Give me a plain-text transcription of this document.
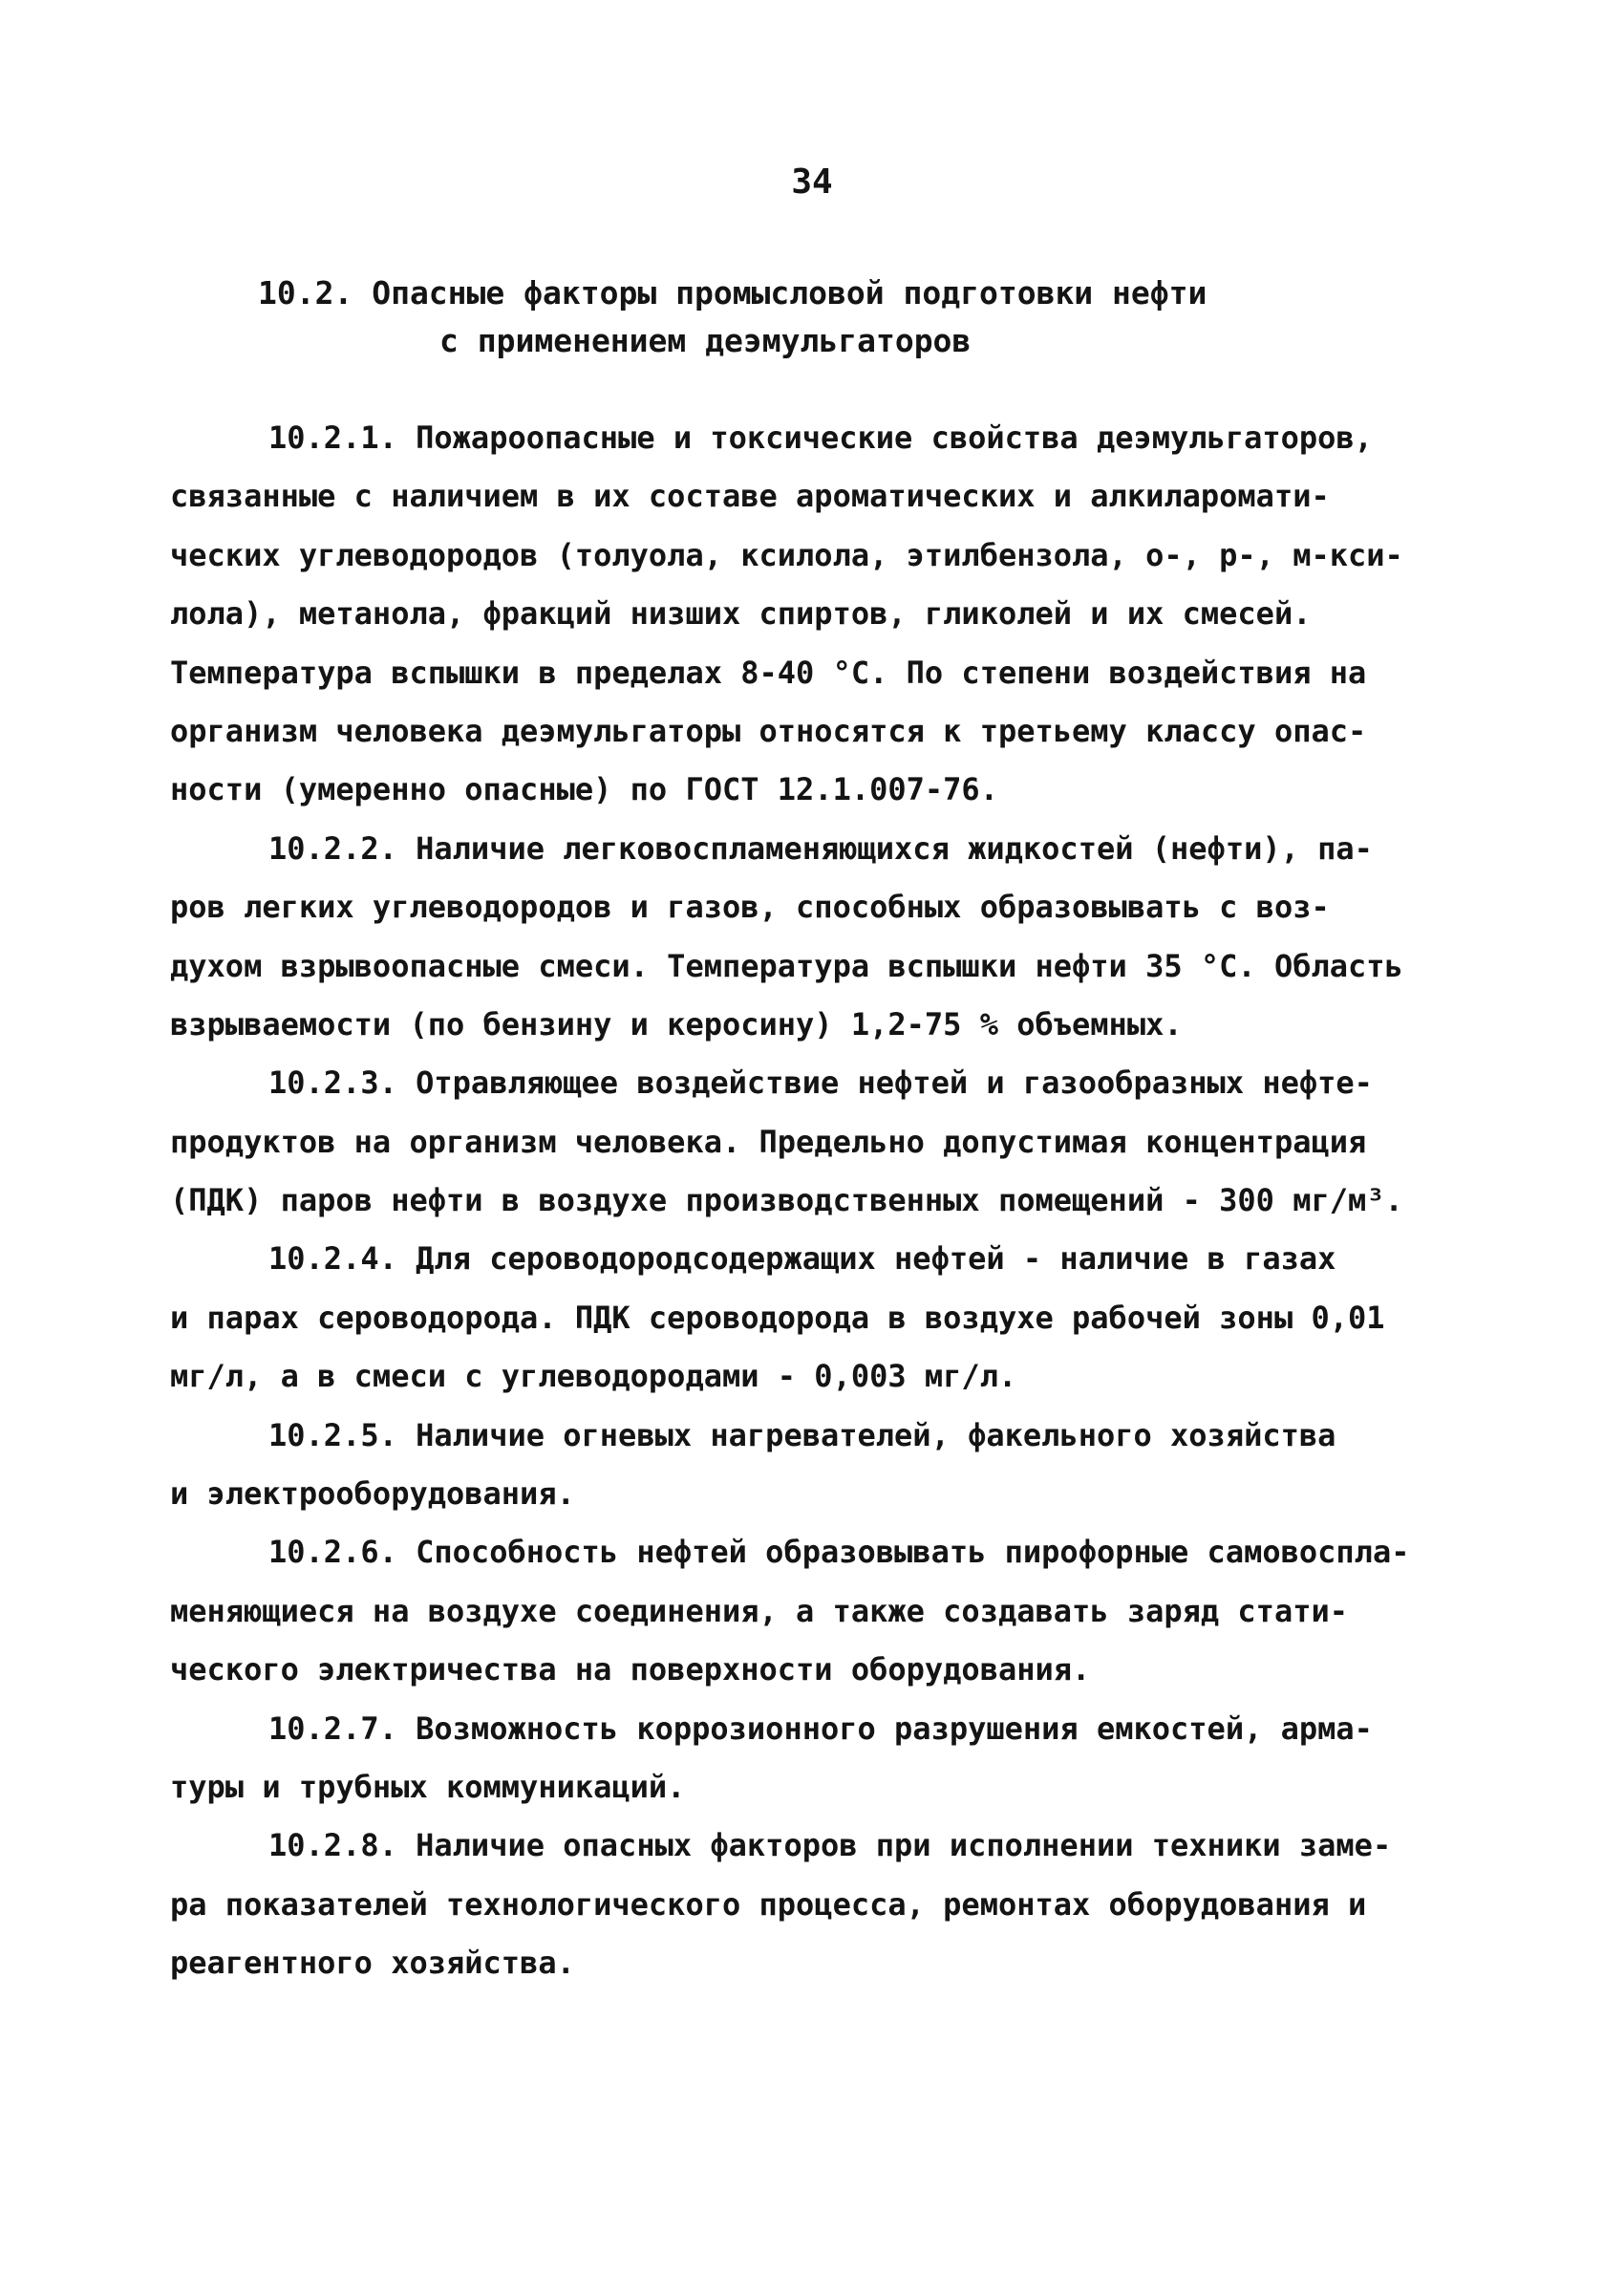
34
10.2. Опасные факторы промысловой подготовки нефти
с применением деэмульгаторов
10.2.1. Пожароопасные и токсические свойства деэмульгаторов,
связанные с наличием в их составе ароматических и алкиларомати-
ческих углеводородов (толуола, ксилола, этилбензола, о-, р-, м-кси-
лола), метанола, фракций низших спиртов, гликолей и их смесей.
Температура вспышки в пределах 8-40 °С. По степени воздействия на
организм человека деэмульгаторы относятся к третьему классу опас-
ности (умеренно опасные) по ГОСТ 12.1.007-76.
10.2.2. Наличие легковоспламеняющихся жидкостей (нефти), па-
ров легких углеводородов и газов, способных образовывать с воз-
духом взрывоопасные смеси. Температура вспышки нефти 35 °С. Область
взрываемости (по бензину и керосину) 1,2-75 % объемных.
10.2.3. Отравляющее воздействие нефтей и газообразных нефте-
продуктов на организм человека. Предельно допустимая концентрация
(ПДК) паров нефти в воздухе производственных помещений - 300 мг/м³.
10.2.4. Для сероводородсодержащих нефтей - наличие в газах
и парах сероводорода. ПДК сероводорода в воздухе рабочей зоны 0,01
мг/л, а в смеси с углеводородами - 0,003 мг/л.
10.2.5. Наличие огневых нагревателей, факельного хозяйства
и электрооборудования.
10.2.6. Способность нефтей образовывать пирофорные самовоспла-
меняющиеся на воздухе соединения, а также создавать заряд стати-
ческого электричества на поверхности оборудования.
10.2.7. Возможность коррозионного разрушения емкостей, арма-
туры и трубных коммуникаций.
10.2.8. Наличие опасных факторов при исполнении техники заме-
ра показателей технологического процесса, ремонтах оборудования и
реагентного хозяйства.
